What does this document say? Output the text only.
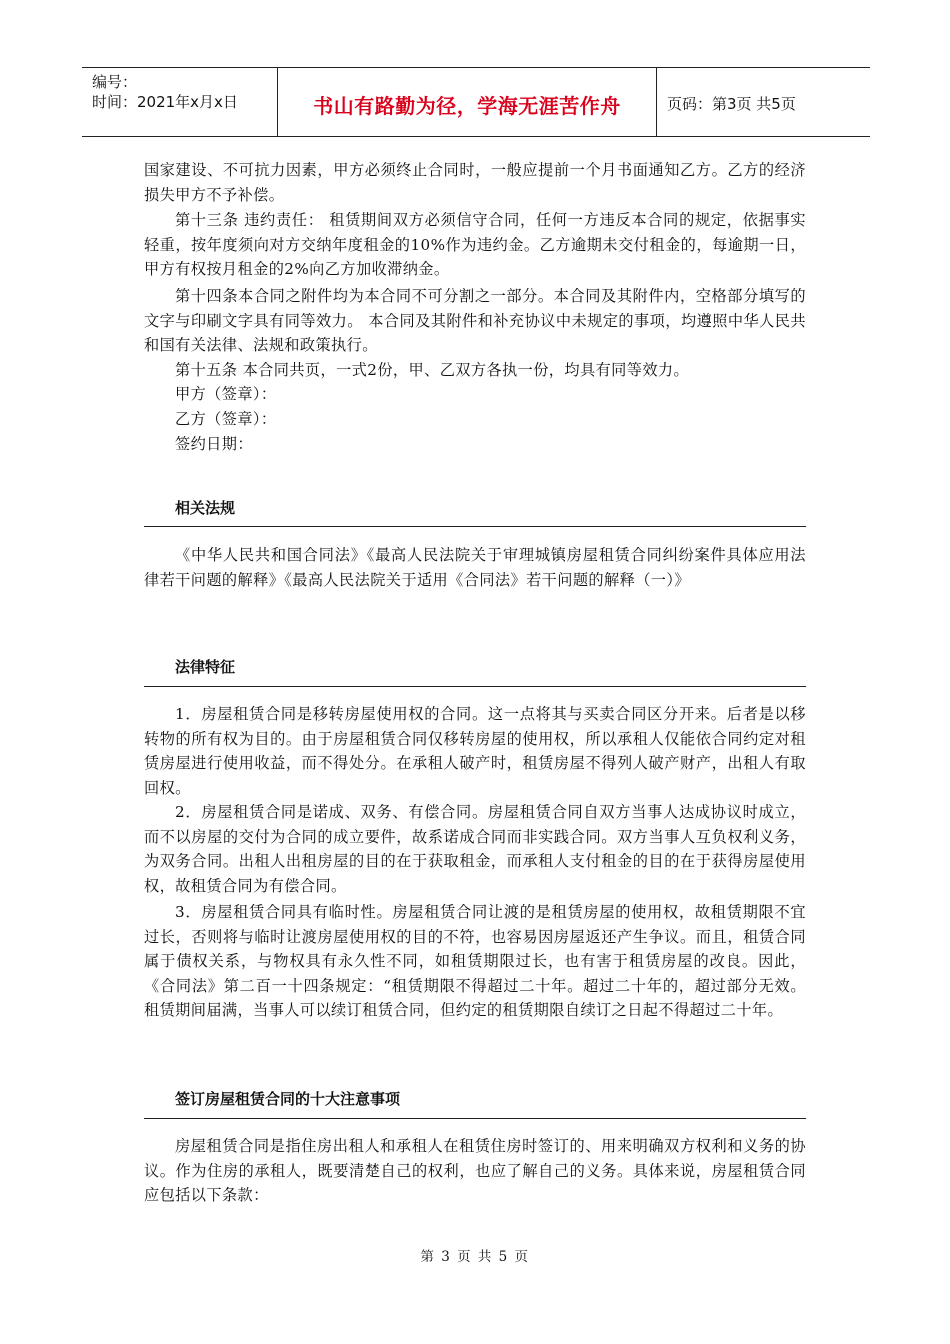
编号：
时间：2021年x月x日	书山有路勤为径，学海无涯苦作舟	页码：第3页 共5页
国家建设、不可抗力因素，甲方必须终止合同时，一般应提前一个月书面通知乙方。乙方的经济损失甲方不予补偿。
第十三条 违约责任： 租赁期间双方必须信守合同，任何一方违反本合同的规定，依据事实轻重，按年度须向对方交纳年度租金的10%作为违约金。乙方逾期未交付租金的，每逾期一日，甲方有权按月租金的2%向乙方加收滞纳金。
第十四条本合同之附件均为本合同不可分割之一部分。本合同及其附件内，空格部分填写的文字与印刷文字具有同等效力。 本合同及其附件和补充协议中未规定的事项，均遵照中华人民共和国有关法律、法规和政策执行。
第十五条 本合同共页，一式2份，甲、乙双方各执一份，均具有同等效力。
甲方（签章）：
乙方（签章）：
签约日期：
相关法规
《中华人民共和国合同法》《最高人民法院关于审理城镇房屋租赁合同纠纷案件具体应用法律若干问题的解释》《最高人民法院关于适用《合同法》若干问题的解释（一）》
法律特征
1．房屋租赁合同是移转房屋使用权的合同。这一点将其与买卖合同区分开来。后者是以移转物的所有权为目的。由于房屋租赁合同仅移转房屋的使用权，所以承租人仅能依合同约定对租赁房屋进行使用收益，而不得处分。在承租人破产时，租赁房屋不得列人破产财产，出租人有取回权。
2．房屋租赁合同是诺成、双务、有偿合同。房屋租赁合同自双方当事人达成协议时成立，而不以房屋的交付为合同的成立要件，故系诺成合同而非实践合同。双方当事人互负权利义务，为双务合同。出租人出租房屋的目的在于获取租金，而承租人支付租金的目的在于获得房屋使用权，故租赁合同为有偿合同。
3．房屋租赁合同具有临时性。房屋租赁合同让渡的是租赁房屋的使用权，故租赁期限不宜过长，否则将与临时让渡房屋使用权的目的不符，也容易因房屋返还产生争议。而且，租赁合同属于债权关系，与物权具有永久性不同，如租赁期限过长，也有害于租赁房屋的改良。因此，《合同法》第二百一十四条规定：“租赁期限不得超过二十年。超过二十年的，超过部分无效。租赁期间届满，当事人可以续订租赁合同，但约定的租赁期限自续订之日起不得超过二十年。
签订房屋租赁合同的十大注意事项
房屋租赁合同是指住房出租人和承租人在租赁住房时签订的、用来明确双方权利和义务的协议。作为住房的承租人，既要清楚自己的权利，也应了解自己的义务。具体来说，房屋租赁合同应包括以下条款：
第 3 页 共 5 页
